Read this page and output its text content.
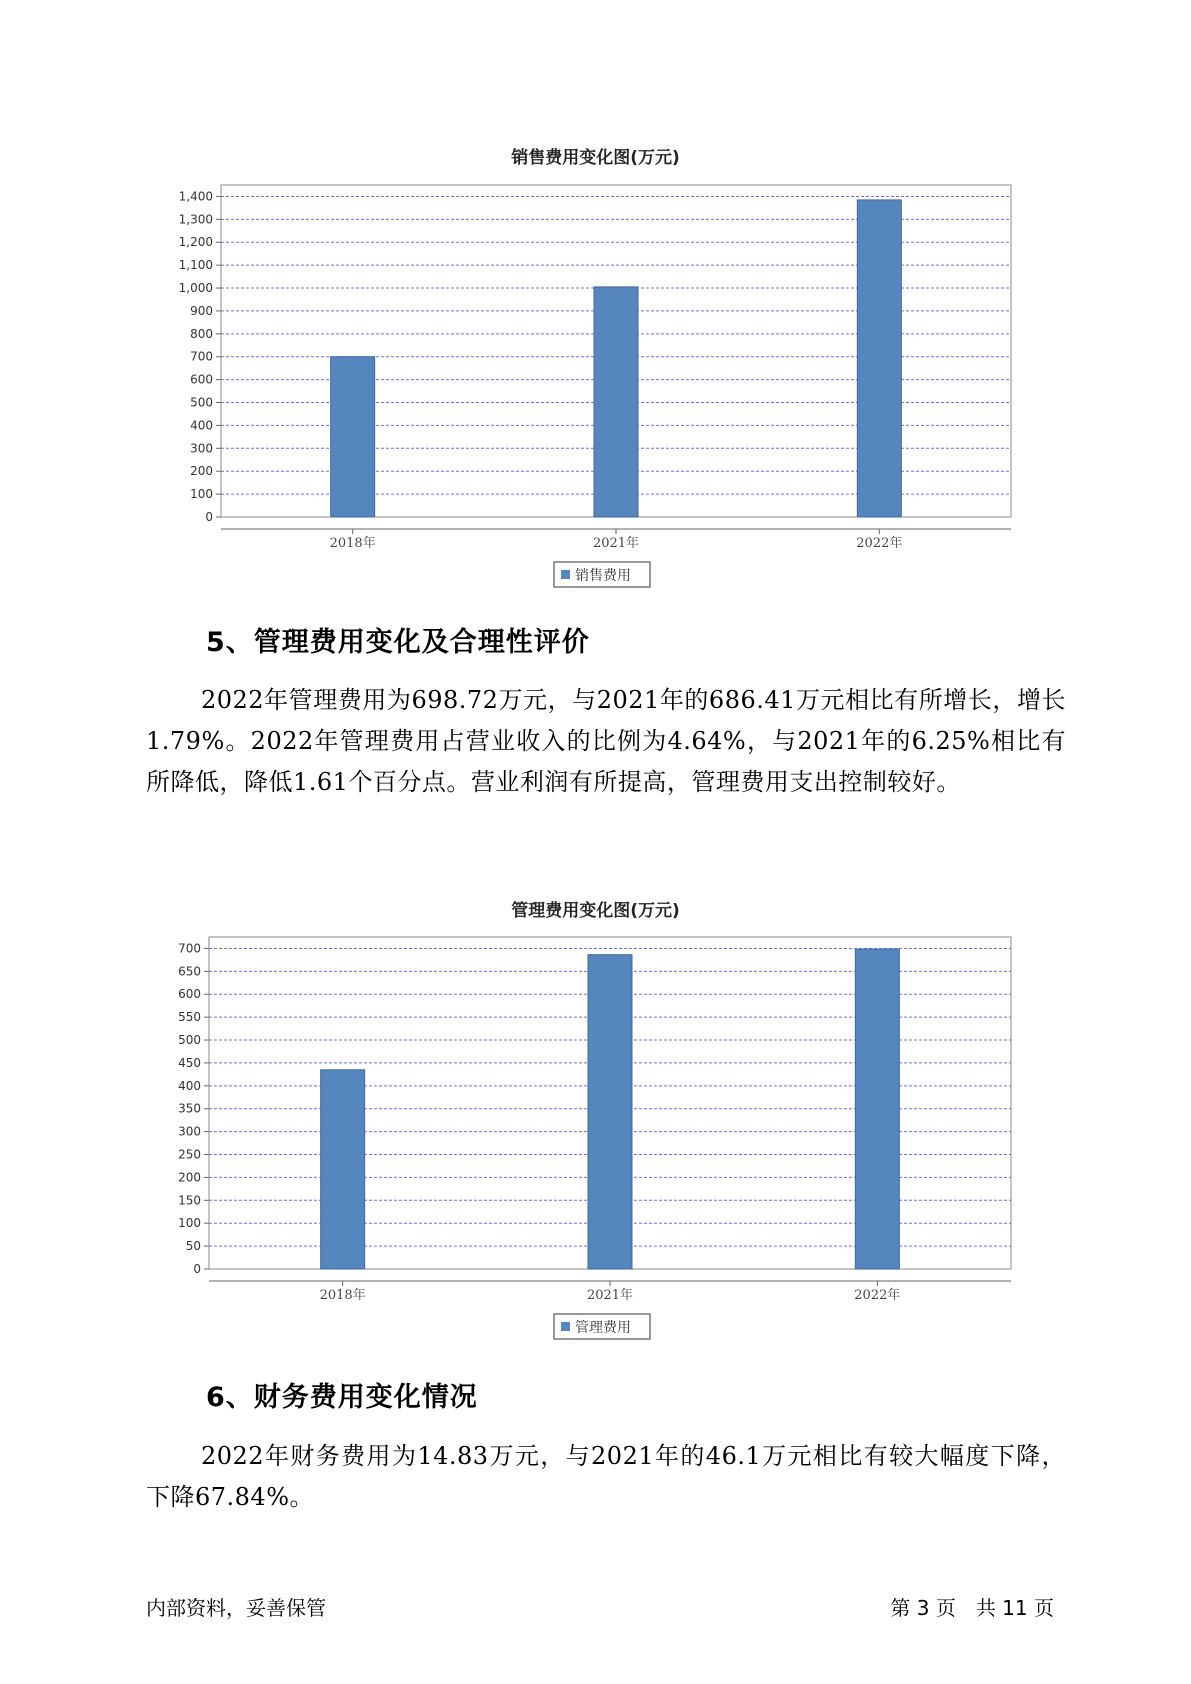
销售费用变化图(万元)
0
100
200
300
400
500
600
700
800
900
1,000
1,100
1,200
1,300
1,400
2018年	2021年	2022年
销售费用
5、管理费用变化及合理性评价

2022年管理费用为698.72万元，与2021年的686.41万元相比有所增长，增长1.79%。2022年管理费用占营业收入的比例为4.64%，与2021年的6.25%相比有所降低，降低1.61个百分点。营业利润有所提高，管理费用支出控制较好。

管理费用变化图(万元)
0
50
100
150
200
250
300
350
400
450
500
550
600
650
700
2018年	2021年	2022年
管理费用
6、财务费用变化情况

2022年财务费用为14.83万元，与2021年的46.1万元相比有较大幅度下降，下降67.84%。

内部资料，妥善保管	第 3 页　共 11 页
